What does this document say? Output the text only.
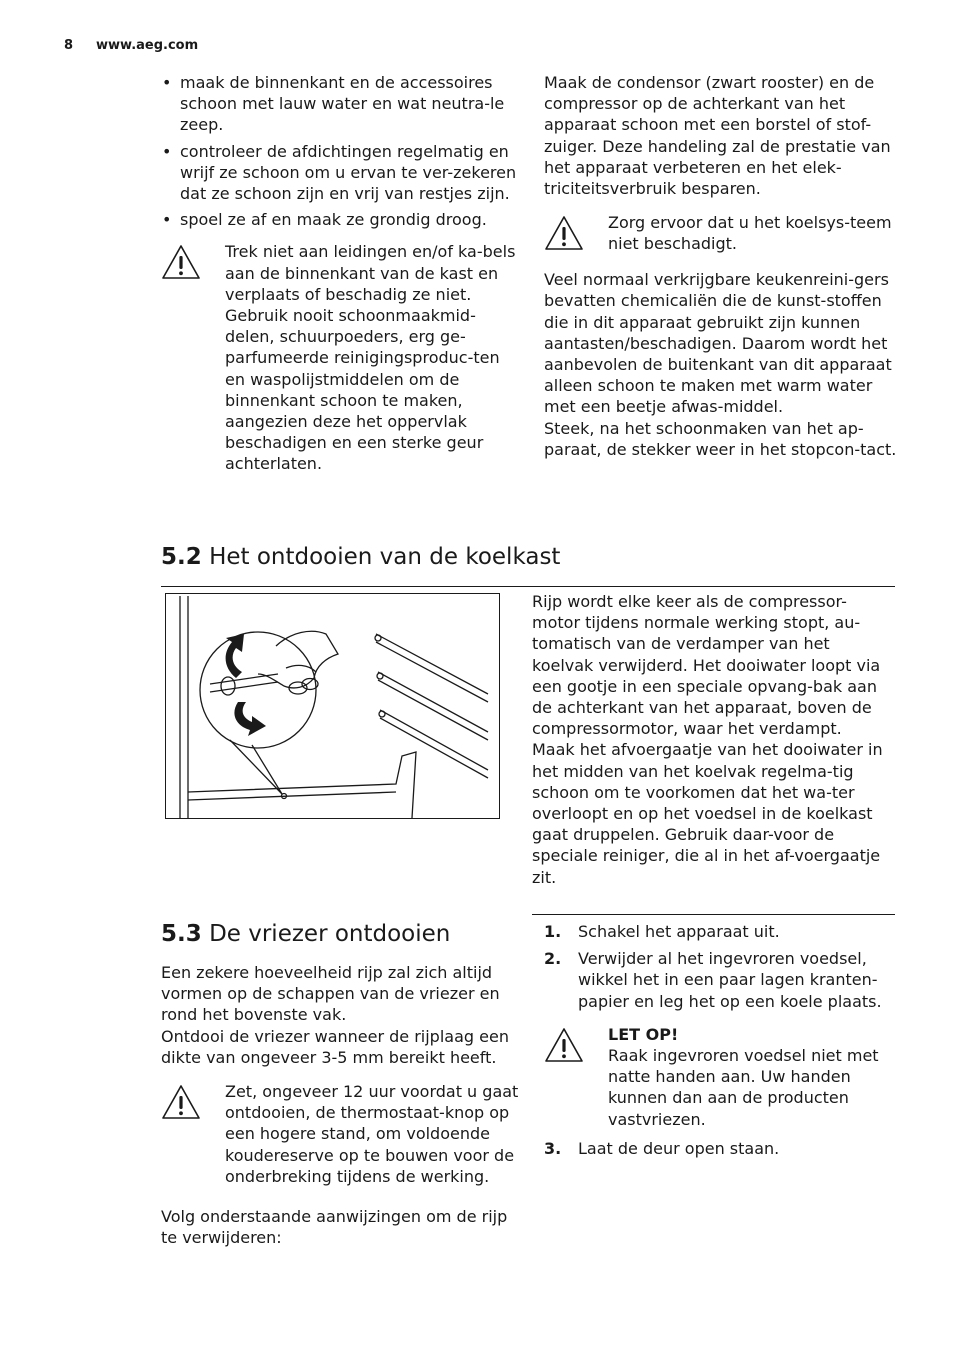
8 www.aeg.com
• maak de binnenkant en de accessoires schoon met lauw water en wat neutra-le zeep.
• controleer de afdichtingen regelmatig en wrijf ze schoon om u ervan te ver-zekeren dat ze schoon zijn en vrij van restjes zijn.
• spoel ze af en maak ze grondig droog.

Trek niet aan leidingen en/of ka-bels aan de binnenkant van de kast en verplaats of beschadig ze niet.

Gebruik nooit schoonmaakmid-delen, schuurpoeders, erg ge-parfumeerde reinigingsproduc-ten en waspolijstmiddelen om de binnenkant schoon te maken, aangezien deze het oppervlak beschadigen en een sterke geur achterlaten.

Maak de condensor (zwart rooster) en de compressor op de achterkant van het apparaat schoon met een borstel of stof-zuiger. Deze handeling zal de prestatie van het apparaat verbeteren en het elek-triciteitsverbruik besparen.

Zorg ervoor dat u het koelsys-teem niet beschadigt.

Veel normaal verkrijgbare keukenreini-gers bevatten chemicaliën die de kunst-stoffen die in dit apparaat gebruikt zijn kunnen aantasten/beschadigen. Daarom wordt het aanbevolen de buitenkant van dit apparaat alleen schoon te maken met warm water met een beetje afwas-middel.

Steek, na het schoonmaken van het ap-paraat, de stekker weer in het stopcon-tact.

5.2 Het ontdooien van de koelkast

Rijp wordt elke keer als de compressor-motor tijdens normale werking stopt, au-tomatisch van de verdamper van het koelvak verwijderd. Het dooiwater loopt via een gootje in een speciale opvang-bak aan de achterkant van het apparaat, boven de compressormotor, waar het verdampt.

Maak het afvoergaatje van het dooiwater in het midden van het koelvak regelma-tig schoon om te voorkomen dat het wa-ter overloopt en op het voedsel in de koelkast gaat druppelen. Gebruik daar-voor de speciale reiniger, die al in het af-voergaatje zit.

5.3 De vriezer ontdooien

Een zekere hoeveelheid rijp zal zich altijd vormen op de schappen van de vriezer en rond het bovenste vak.

Ontdooi de vriezer wanneer de rijplaag een dikte van ongeveer 3-5 mm bereikt heeft.

Zet, ongeveer 12 uur voordat u gaat ontdooien, de thermostaat-knop op een hogere stand, om voldoende koudereserve op te bouwen voor de onderbreking tijdens de werking.

Volg onderstaande aanwijzingen om de rijp te verwijderen:

1. Schakel het apparaat uit.
2. Verwijder al het ingevroren voedsel, wikkel het in een paar lagen kranten-papier en leg het op een koele plaats.

LET OP!

Raak ingevroren voedsel niet met natte handen aan. Uw handen kunnen dan aan de producten vastvriezen.

3. Laat de deur open staan.
